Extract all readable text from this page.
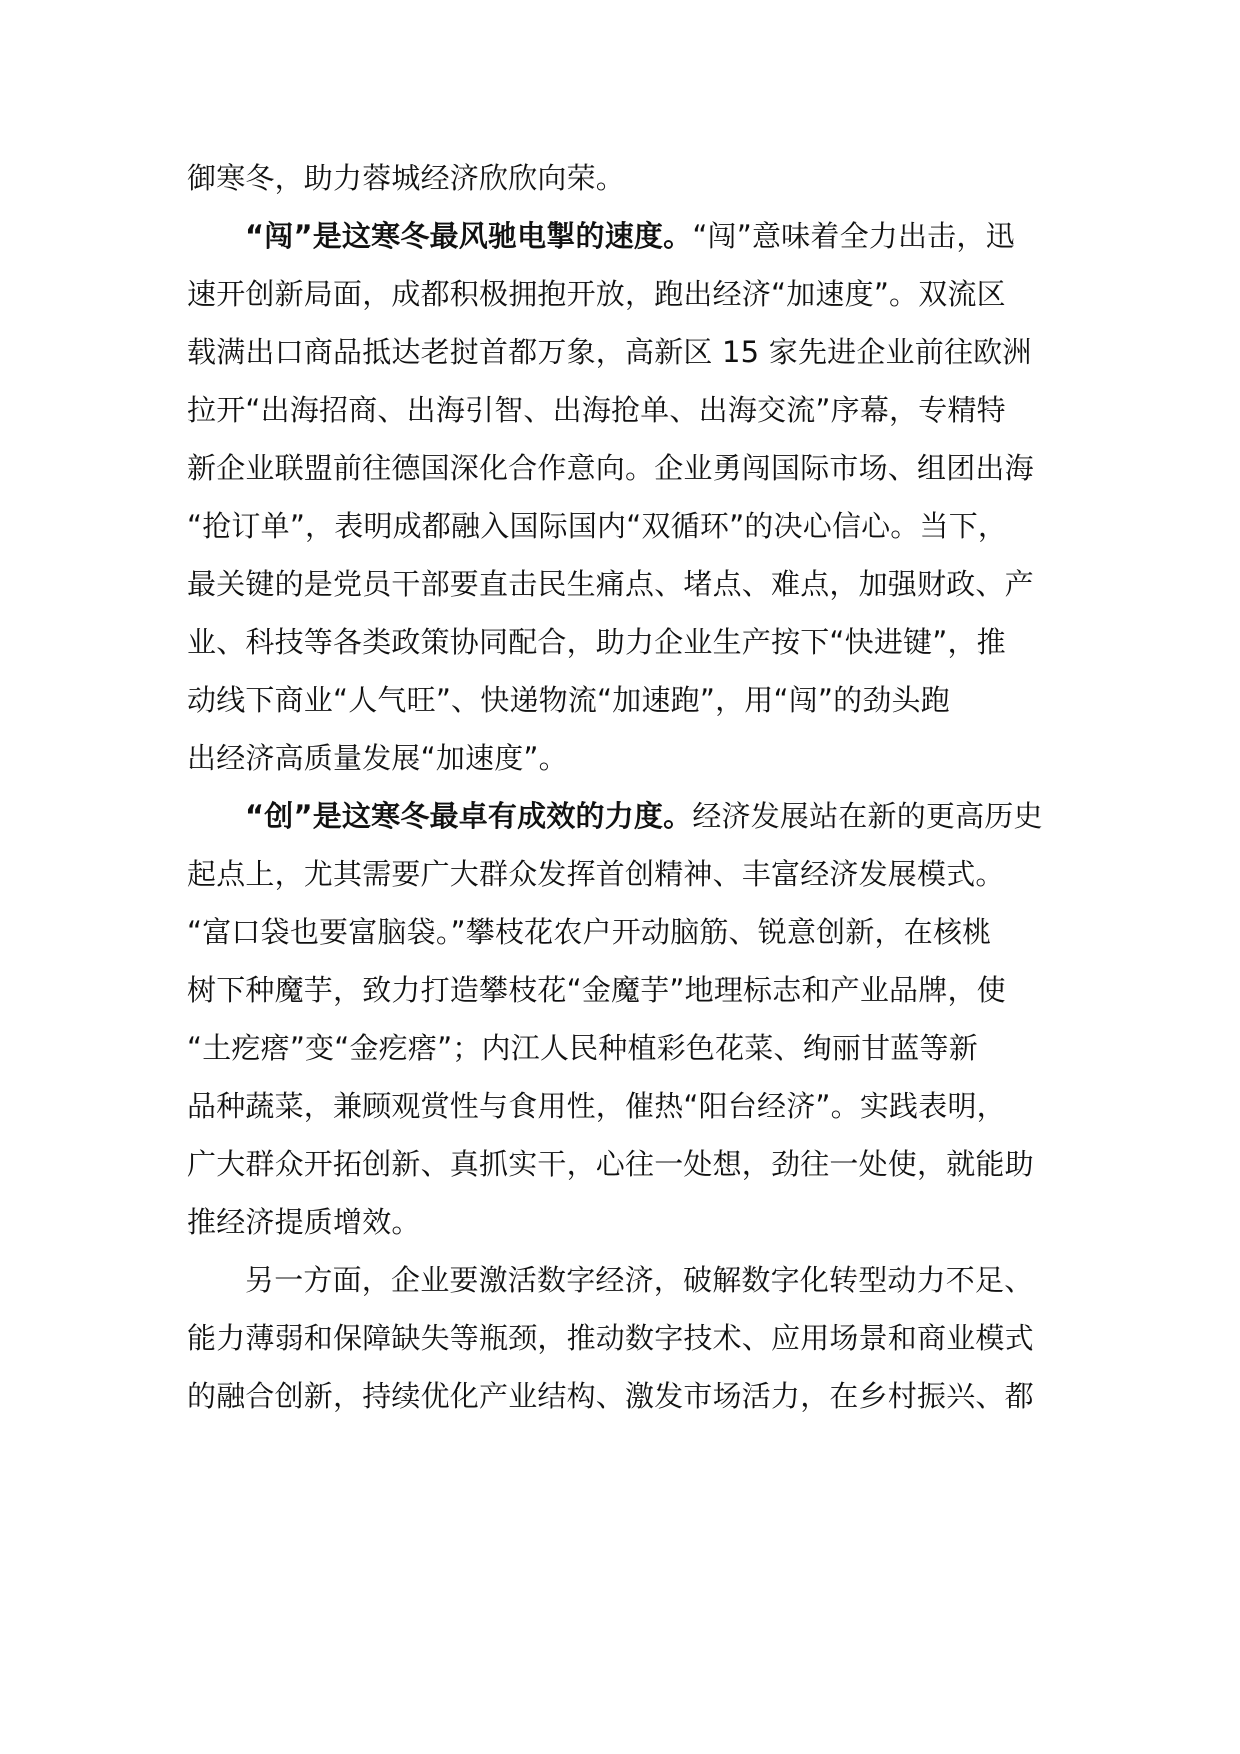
御寒冬，助力蓉城经济欣欣向荣。
“闯”是这寒冬最风驰电掣的速度。“闯”意味着全力出击，迅
速开创新局面，成都积极拥抱开放，跑出经济“加速度”。双流区
载满出口商品抵达老挝首都万象，高新区 15 家先进企业前往欧洲
拉开“出海招商、出海引智、出海抢单、出海交流”序幕，专精特
新企业联盟前往德国深化合作意向。企业勇闯国际市场、组团出海
“抢订单”，表明成都融入国际国内“双循环”的决心信心。当下，
最关键的是党员干部要直击民生痛点、堵点、难点，加强财政、产
业、科技等各类政策协同配合，助力企业生产按下“快进键”，推
动线下商业“人气旺”、快递物流“加速跑”，用“闯”的劲头跑
出经济高质量发展“加速度”。
“创”是这寒冬最卓有成效的力度。经济发展站在新的更高历史
起点上，尤其需要广大群众发挥首创精神、丰富经济发展模式。
“富口袋也要富脑袋。”攀枝花农户开动脑筋、锐意创新，在核桃
树下种魔芋，致力打造攀枝花“金魔芋”地理标志和产业品牌，使
“土疙瘩”变“金疙瘩”；内江人民种植彩色花菜、绚丽甘蓝等新
品种蔬菜，兼顾观赏性与食用性，催热“阳台经济”。实践表明，
广大群众开拓创新、真抓实干，心往一处想，劲往一处使，就能助
推经济提质增效。
另一方面，企业要激活数字经济，破解数字化转型动力不足、
能力薄弱和保障缺失等瓶颈，推动数字技术、应用场景和商业模式
的融合创新，持续优化产业结构、激发市场活力，在乡村振兴、都
